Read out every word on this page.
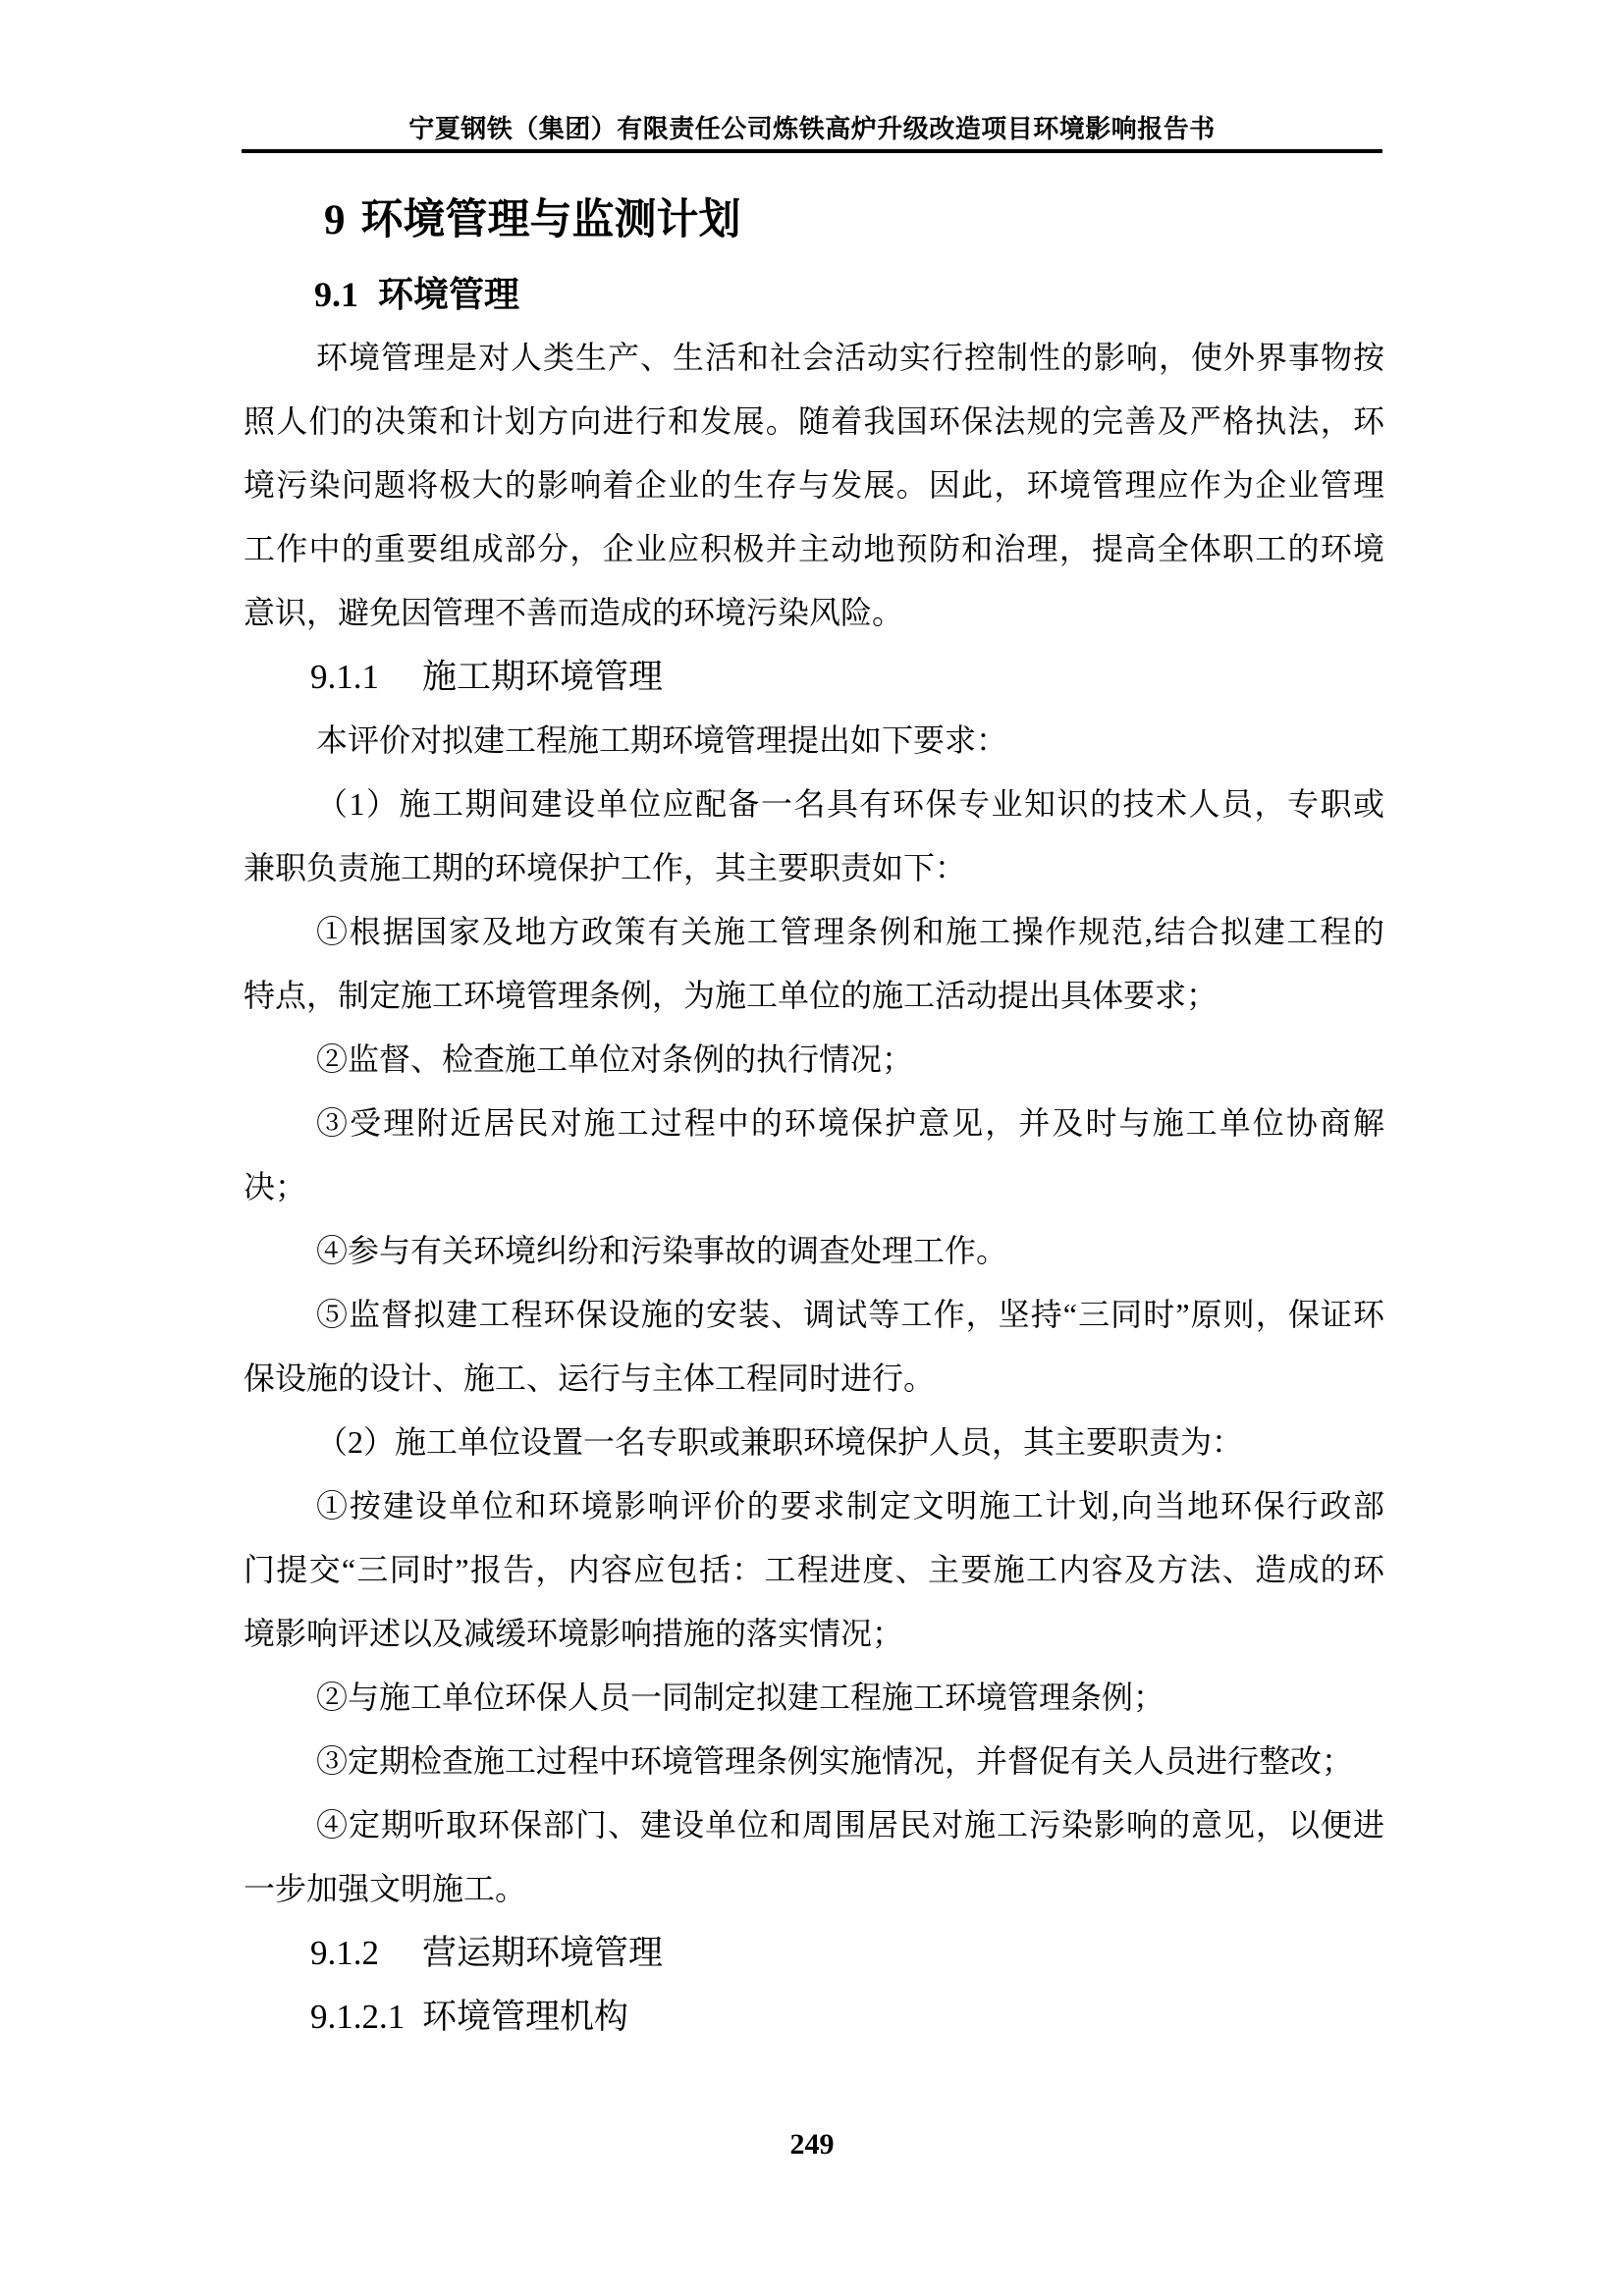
宁夏钢铁（集团）有限责任公司炼铁高炉升级改造项目环境影响报告书
9 环境管理与监测计划
9.1 环境管理
环境管理是对人类生产、生活和社会活动实行控制性的影响，使外界事物按
照人们的决策和计划方向进行和发展。随着我国环保法规的完善及严格执法，环
境污染问题将极大的影响着企业的生存与发展。因此，环境管理应作为企业管理
工作中的重要组成部分，企业应积极并主动地预防和治理，提高全体职工的环境
意识，避免因管理不善而造成的环境污染风险。
9.1.1 施工期环境管理
本评价对拟建工程施工期环境管理提出如下要求：
（1）施工期间建设单位应配备一名具有环保专业知识的技术人员，专职或
兼职负责施工期的环境保护工作，其主要职责如下：
①根据国家及地方政策有关施工管理条例和施工操作规范,结合拟建工程的
特点，制定施工环境管理条例，为施工单位的施工活动提出具体要求；
②监督、检查施工单位对条例的执行情况；
③受理附近居民对施工过程中的环境保护意见，并及时与施工单位协商解
决；
④参与有关环境纠纷和污染事故的调查处理工作。
⑤监督拟建工程环保设施的安装、调试等工作，坚持“三同时”原则，保证环
保设施的设计、施工、运行与主体工程同时进行。
（2）施工单位设置一名专职或兼职环境保护人员，其主要职责为：
①按建设单位和环境影响评价的要求制定文明施工计划,向当地环保行政部
门提交“三同时”报告，内容应包括：工程进度、主要施工内容及方法、造成的环
境影响评述以及减缓环境影响措施的落实情况；
②与施工单位环保人员一同制定拟建工程施工环境管理条例；
③定期检查施工过程中环境管理条例实施情况，并督促有关人员进行整改；
④定期听取环保部门、建设单位和周围居民对施工污染影响的意见，以便进
一步加强文明施工。
9.1.2 营运期环境管理
9.1.2.1 环境管理机构
249
